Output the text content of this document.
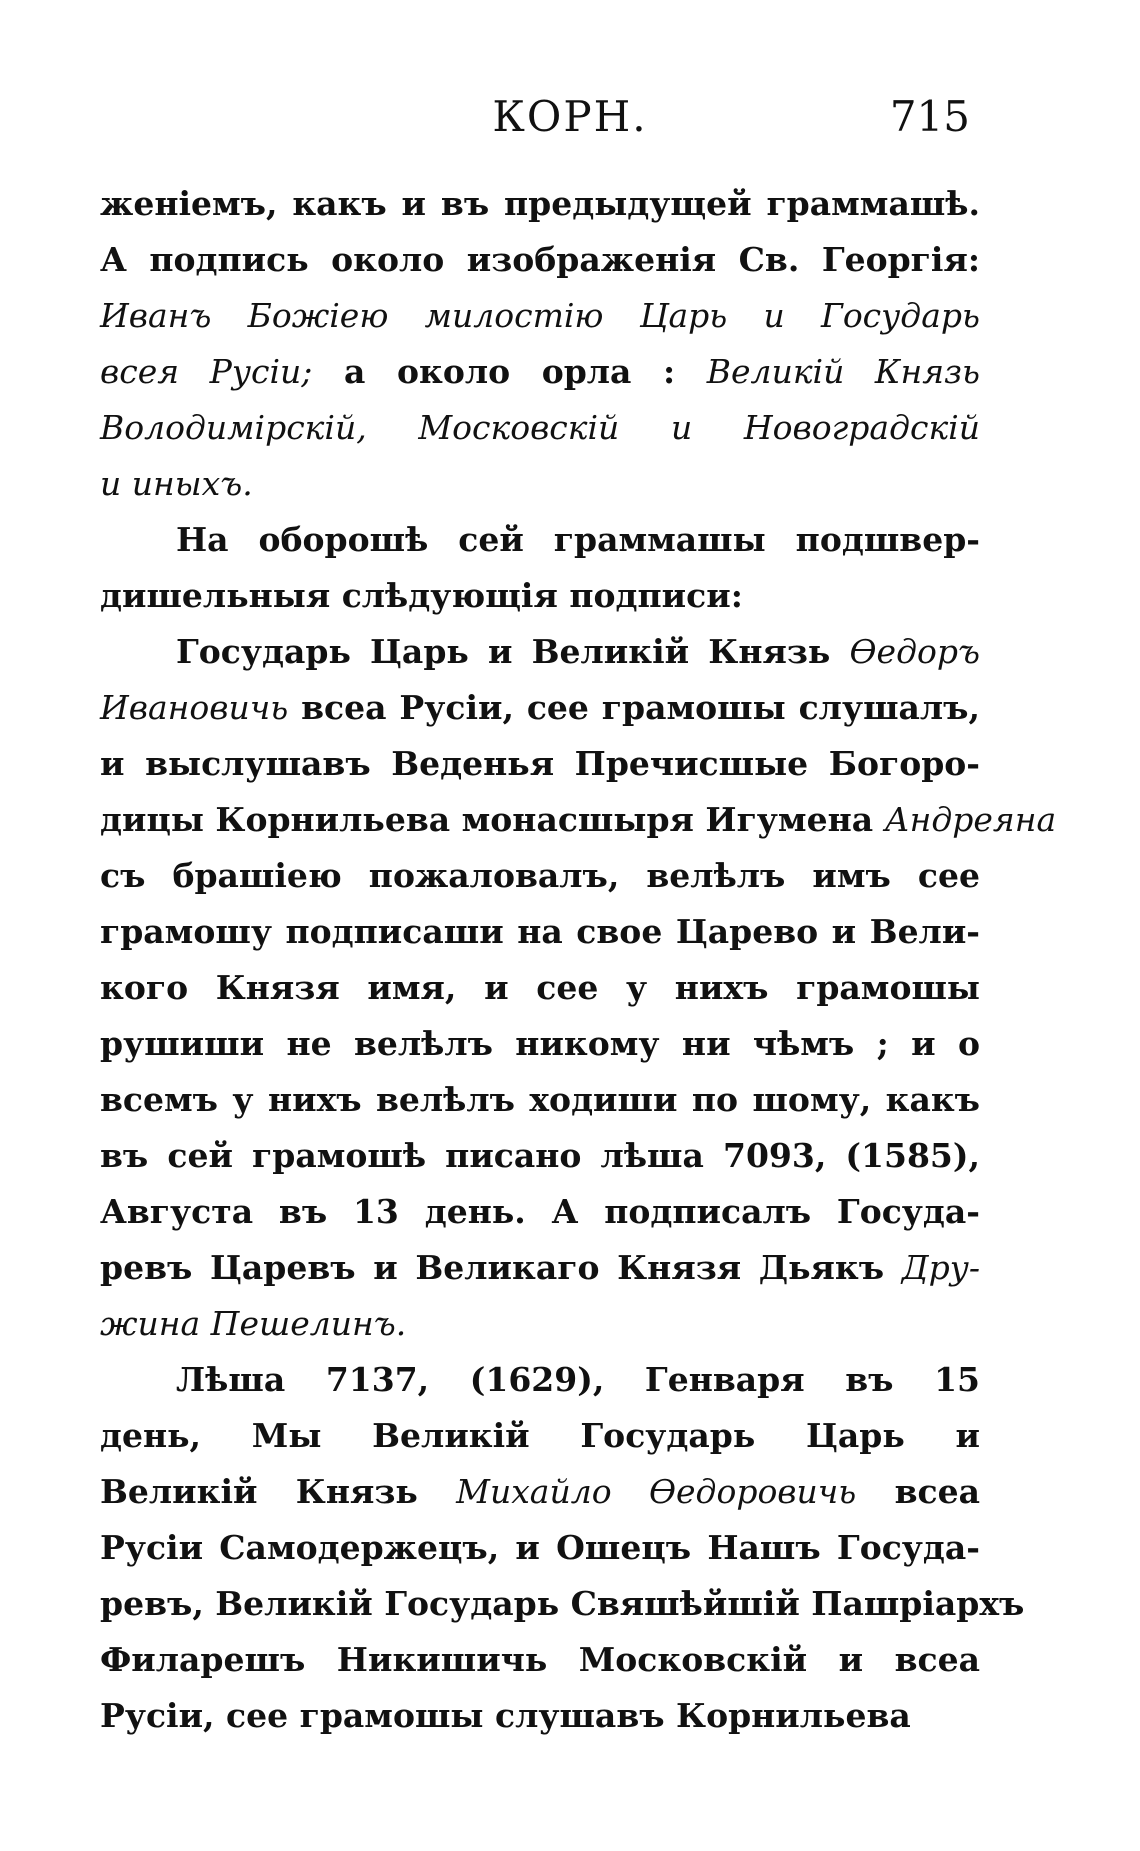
КОРН.	715
женіемъ, какъ и въ предыдущей граммашѣ.
А подпись около изображенія Св. Георгія:
Иванъ Божіею милостію Царь и Государь
всея Русіи; а около орла : Великій Князь
Володимірскій, Московскій и Новоградскій
и иныхъ.
На оборошѣ сей граммашы подшвер-
дишельныя слѣдующія подписи:
Государь Царь и Великій Князь Ѳедоръ
Ивановичь всеа Русіи, сее грамошы слушалъ,
и выслушавъ Веденья Пречисшые Богоро-
дицы Корнильева монасшыря Игумена Андреяна
съ брашіею пожаловалъ, велѣлъ имъ сее
грамошу подписаши на свое Царево и Вели-
кого Князя имя, и сее у нихъ грамошы
рушиши не велѣлъ никому ни чѣмъ ; и о
всемъ у нихъ велѣлъ ходиши по шому, какъ
въ сей грамошѣ писано лѣша 7093, (1585),
Августа въ 13 день. А подписалъ Госуда-
ревъ Царевъ и Великаго Князя Дьякъ Дру-
жина Пешелинъ.
Лѣша 7137, (1629), Генваря въ 15
день, Мы Великій Государь Царь и
Великій Князь Михайло Ѳедоровичь всеа
Русіи Самодержецъ, и Ошецъ Нашъ Госуда-
ревъ, Великій Государь Свяшѣйшій Пашріархъ
Филарешъ Никишичь Московскій и всеа
Русіи, сее грамошы слушавъ Корнильева
